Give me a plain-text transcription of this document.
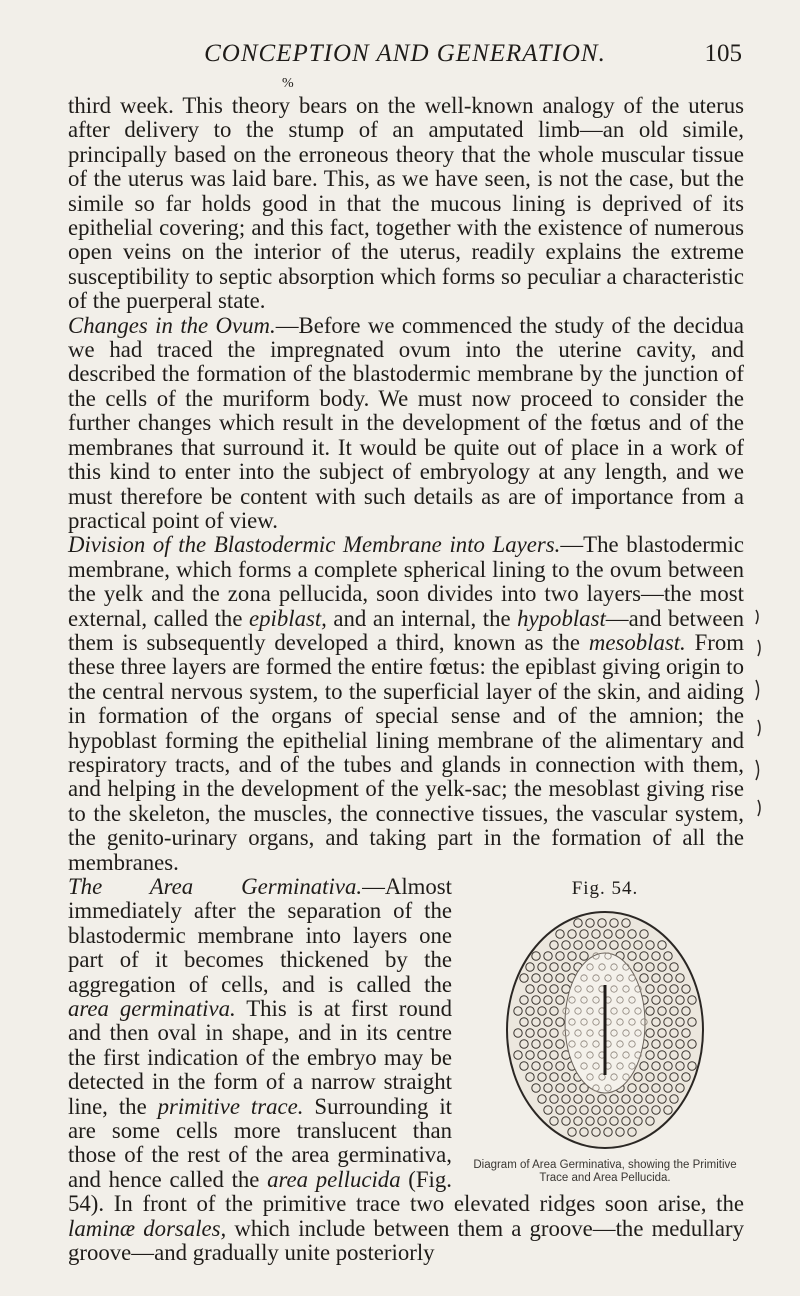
CONCEPTION AND GENERATION.	105
%

third week. This theory bears on the well-known analogy of the uterus after delivery to the stump of an amputated limb—an old simile, principally based on the erroneous theory that the whole muscular tissue of the uterus was laid bare. This, as we have seen, is not the case, but the simile so far holds good in that the mucous lining is deprived of its epithelial covering; and this fact, together with the existence of numerous open veins on the interior of the uterus, readily explains the extreme susceptibility to septic absorption which forms so peculiar a characteristic of the puerperal state.

Changes in the Ovum.—Before we commenced the study of the decidua we had traced the impregnated ovum into the uterine cavity, and described the formation of the blastodermic membrane by the junction of the cells of the muriform body. We must now proceed to consider the further changes which result in the development of the fœtus and of the membranes that surround it. It would be quite out of place in a work of this kind to enter into the subject of embryology at any length, and we must therefore be content with such details as are of importance from a practical point of view.

Division of the Blastodermic Membrane into Layers.—The blastodermic membrane, which forms a complete spherical lining to the ovum between the yelk and the zona pellucida, soon divides into two layers—the most external, called the epiblast, and an internal, the hypoblast—and between them is subsequently developed a third, known as the mesoblast. From these three layers are formed the entire fœtus: the epiblast giving origin to the central nervous system, to the superficial layer of the skin, and aiding in formation of the organs of special sense and of the amnion; the hypoblast forming the epithelial lining membrane of the alimentary and respiratory tracts, and of the tubes and glands in connection with them, and helping in the development of the yelk-sac; the mesoblast giving rise to the skeleton, the muscles, the connective tissues, the vascular system, the genito-urinary organs, and taking part in the formation of all the membranes.

Fig. 54.
Diagram of Area Germinativa, showing the Primitive Trace and Area Pellucida.

The Area Germinativa.—Almost immediately after the separation of the blastodermic membrane into layers one part of it becomes thickened by the aggregation of cells, and is called the area germinativa. This is at first round and then oval in shape, and in its centre the first indication of the embryo may be detected in the form of a narrow straight line, the primitive trace. Surrounding it are some cells more translucent than those of the rest of the area germinativa, and hence called the area pellucida (Fig. 54). In front of the primitive trace two elevated ridges soon arise, the laminæ dorsales, which include between them a groove—the medullary groove—and gradually unite posteriorly
